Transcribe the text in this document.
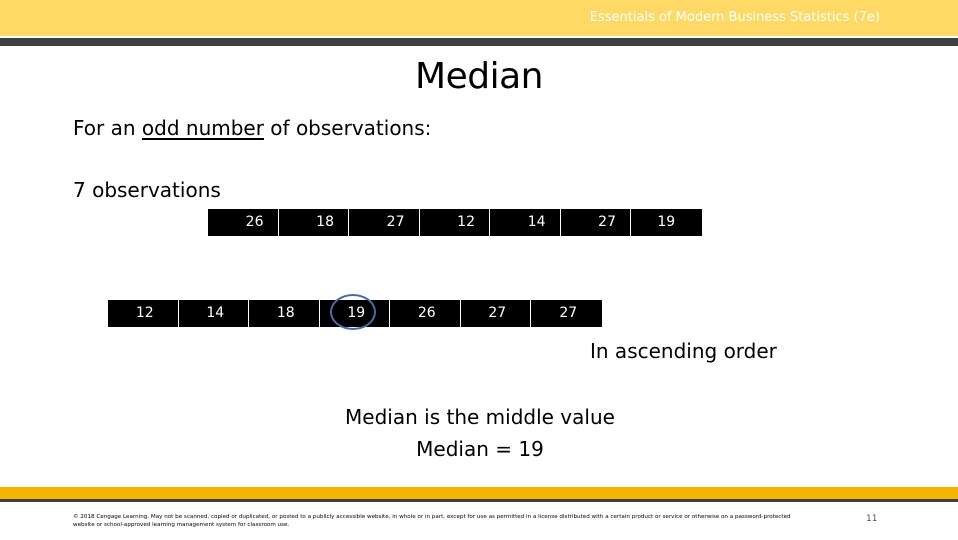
Essentials of Modern Business Statistics (7e)
Median
For an odd number of observations:
7 observations
26	18	27	12	14	27	19
12	14	18	19	26	27	27
In ascending order
Median is the middle value
Median = 19
© 2018 Cengage Learning. May not be scanned, copied or duplicated, or posted to a publicly accessible website, in whole or in part, except for use as permitted in a license distributed with a certain product or service or otherwise on a password-protected website or school-approved learning management system for classroom use.
11
